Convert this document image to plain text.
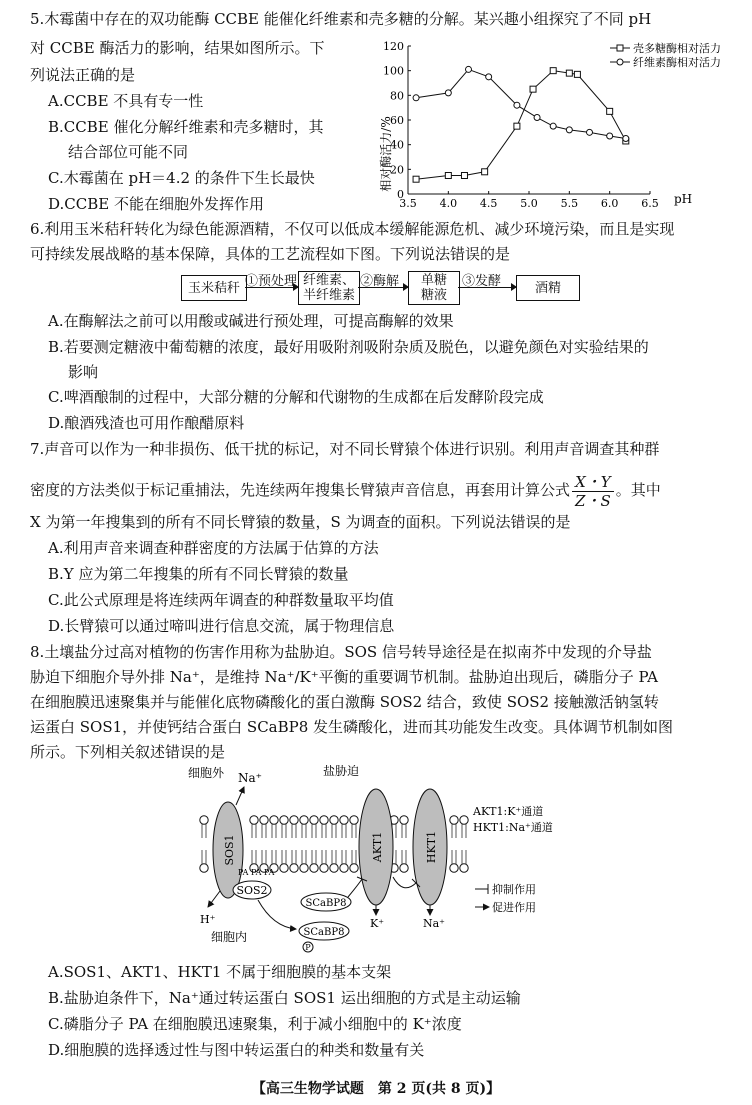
5.木霉菌中存在的双功能酶 CCBE 能催化纤维素和壳多糖的分解。某兴趣小组探究了不同 pH
对 CCBE 酶活力的影响，结果如图所示。下
列说法正确的是
A.CCBE 不具有专一性
B.CCBE 催化分解纤维素和壳多糖时，其
结合部位可能不同
C.木霉菌在 pH＝4.2 的条件下生长最快
D.CCBE 不能在细胞外发挥作用	3.5 4.0 4.5 5.0 5.5 6.0 6.5
0
20
40
60
80
100
120
相对酶活力/%
pH
壳多糖酶相对活力
纤维素酶相对活力
6.利用玉米秸秆转化为绿色能源酒精，不仅可以低成本缓解能源危机、减少环境污染，而且是实现
可持续发展战略的基本保障，具体的工艺流程如下图。下列说法错误的是
玉米秸秆 ①预处理 纤维素、
半纤维素
②酶解 单糖
糖液
③发酵	酒精
A.在酶解法之前可以用酸或碱进行预处理，可提高酶解的效果
B.若要测定糖液中葡萄糖的浓度，最好用吸附剂吸附杂质及脱色，以避免颜色对实验结果的
影响
C.啤酒酿制的过程中，大部分糖的分解和代谢物的生成都在后发酵阶段完成
D.酿酒残渣也可用作酿醋原料
7.声音可以作为一种非损伤、低干扰的标记，对不同长臂猿个体进行识别。利用声音调查其种群
密度的方法类似于标记重捕法，先连续两年搜集长臂猿声音信息，再套用计算公式 $\frac{X・Y}{Z・S}$ 。其中
X 为第一年搜集到的所有不同长臂猿的数量，S 为调查的面积。下列说法错误的是
A.利用声音来调查种群密度的方法属于估算的方法
B.Y 应为第二年搜集的所有不同长臂猿的数量
C.此公式原理是将连续两年调查的种群数量取平均值
D.长臂猿可以通过啼叫进行信息交流，属于物理信息
8.土壤盐分过高对植物的伤害作用称为盐胁迫。SOS 信号转导途径是在拟南芥中发现的介导盐
胁迫下细胞介导外排 Na⁺，是维持 Na⁺/K⁺平衡的重要调节机制。盐胁迫出现后，磷脂分子 PA
在细胞膜迅速聚集并与能催化底物磷酸化的蛋白激酶 SOS2 结合，致使 SOS2 接触激活钠氢转
运蛋白 SOS1，并使钙结合蛋白 SCaBP8 发生磷酸化，进而其功能发生改变。具体调节机制如图
所示。下列相关叙述错误的是
SOS1	AKT1	HKT1
细胞外 Na⁺	盐胁迫
AKT1:K⁺通道
HKT1:Na⁺通道
PA PA PA
SOS2
SCaBP8
SCaBP8
P
H⁺
细胞内
K⁺	Na⁺
抑制作用
促进作用
A.SOS1、AKT1、HKT1 不属于细胞膜的基本支架
B.盐胁迫条件下，Na⁺通过转运蛋白 SOS1 运出细胞的方式是主动运输
C.磷脂分子 PA 在细胞膜迅速聚集，利于减小细胞中的 K⁺浓度
D.细胞膜的选择透过性与图中转运蛋白的种类和数量有关
【高三生物学试题　第 2 页(共 8 页)】
